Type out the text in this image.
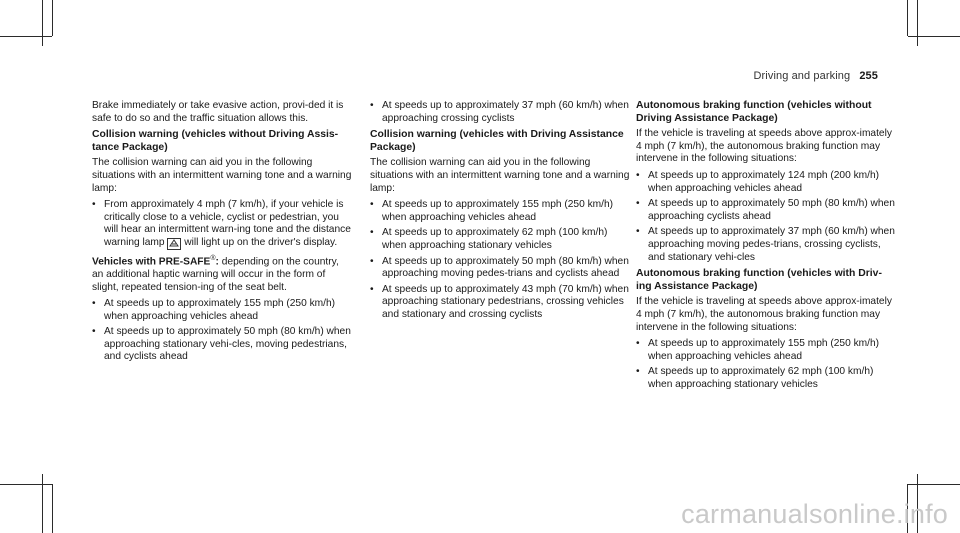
Driving and parking 255

Brake immediately or take evasive action, provi-ded it is safe to do so and the traffic situation allows this.

Collision warning (vehicles without Driving Assis-tance Package)

The collision warning can aid you in the following situations with an intermittent warning tone and a warning lamp:

• From approximately 4 mph (7 km/h), if your vehicle is critically close to a vehicle, cyclist or pedestrian, you will hear an intermittent warn-ing tone and the distance warning lamp will light up on the driver's display.

Vehicles with PRE-SAFE®: depending on the country, an additional haptic warning will occur in the form of slight, repeated tension-ing of the seat belt.

• At speeds up to approximately 155 mph (250 km/h) when approaching vehicles ahead
• At speeds up to approximately 50 mph (80 km/h) when approaching stationary vehi-cles, moving pedestrians, and cyclists ahead
• At speeds up to approximately 37 mph (60 km/h) when approaching crossing cyclists
Collision warning (vehicles with Driving Assistance Package)

The collision warning can aid you in the following situations with an intermittent warning tone and a warning lamp:

• At speeds up to approximately 155 mph (250 km/h) when approaching vehicles ahead
• At speeds up to approximately 62 mph (100 km/h) when approaching stationary vehicles
• At speeds up to approximately 50 mph (80 km/h) when approaching moving pedes-trians and cyclists ahead
• At speeds up to approximately 43 mph (70 km/h) when approaching stationary pedestrians, crossing vehicles and stationary and crossing cyclists
Autonomous braking function (vehicles without Driving Assistance Package)

If the vehicle is traveling at speeds above approx-imately 4 mph (7 km/h), the autonomous braking function may intervene in the following situations:

• At speeds up to approximately 124 mph (200 km/h) when approaching vehicles ahead
• At speeds up to approximately 50 mph (80 km/h) when approaching cyclists ahead
• At speeds up to approximately 37 mph (60 km/h) when approaching moving pedes-trians, crossing cyclists, and stationary vehi-cles
Autonomous braking function (vehicles with Driv-ing Assistance Package)

If the vehicle is traveling at speeds above approx-imately 4 mph (7 km/h), the autonomous braking function may intervene in the following situations:

• At speeds up to approximately 155 mph (250 km/h) when approaching vehicles ahead
• At speeds up to approximately 62 mph (100 km/h) when approaching stationary vehicles
carmanualsonline.info
